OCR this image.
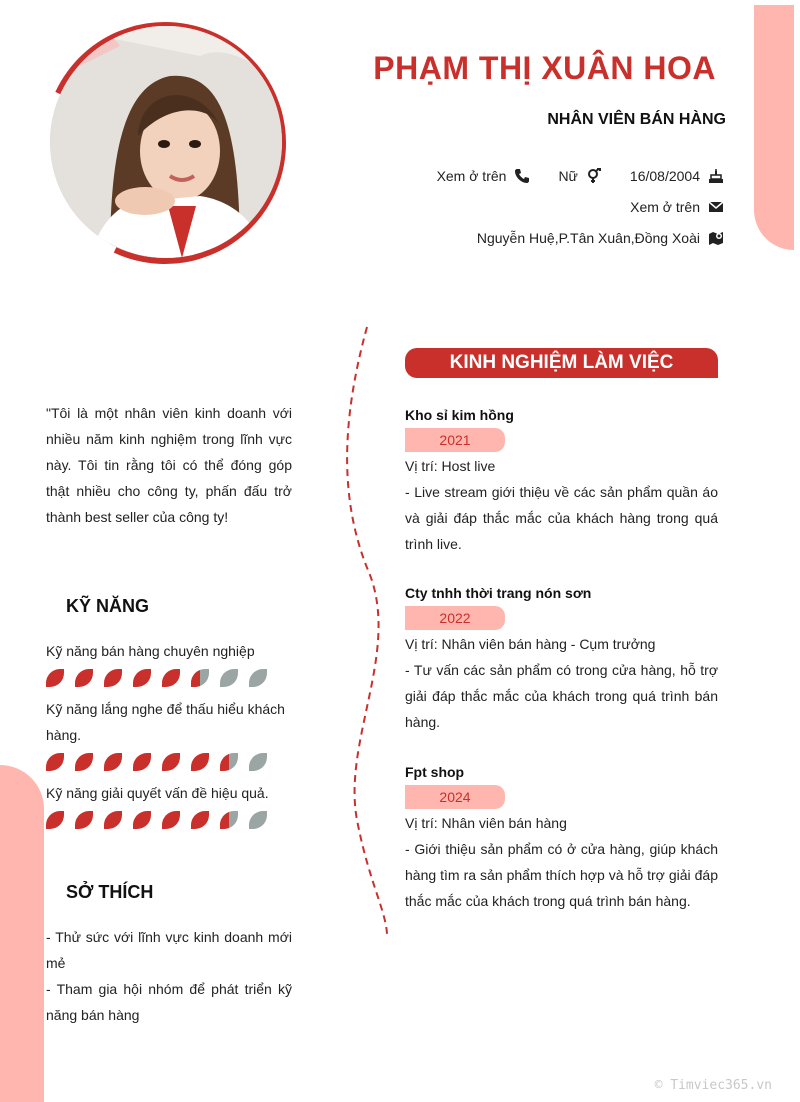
PHẠM THỊ XUÂN HOA
NHÂN VIÊN BÁN HÀNG
Xem ở trên	Nữ	16/08/2004
Xem ở trên
Nguyễn Huệ,P.Tân Xuân,Đồng Xoài

"Tôi là một nhân viên kinh doanh với nhiều năm kinh nghiệm trong lĩnh vực này. Tôi tin rằng tôi có thể đóng góp thật nhiều cho công ty, phấn đấu trở thành best seller của công ty!

KỸ NĂNG
Kỹ năng bán hàng chuyên nghiệp
Kỹ năng lắng nghe để thấu hiểu khách hàng.
Kỹ năng giải quyết vấn đề hiệu quả.
SỞ THÍCH

- Thử sức với lĩnh vực kinh doanh mới mẻ

- Tham gia hội nhóm để phát triển kỹ năng bán hàng

KINH NGHIỆM LÀM VIỆC
Kho sỉ kim hồng
2021
Vị trí: Host live
- Live stream giới thiệu về các sản phẩm quần áo và giải đáp thắc mắc của khách hàng trong quá trình live.
Cty tnhh thời trang nón sơn
2022
Vị trí: Nhân viên bán hàng - Cụm trưởng
- Tư vấn các sản phẩm có trong cửa hàng, hỗ trợ giải đáp thắc mắc của khách trong quá trình bán hàng.
Fpt shop
2024
Vị trí: Nhân viên bán hàng
- Giới thiệu sản phẩm có ở cửa hàng, giúp khách hàng tìm ra sản phẩm thích hợp và hỗ trợ giải đáp thắc mắc của khách trong quá trình bán hàng.
© Timviec365.vn
